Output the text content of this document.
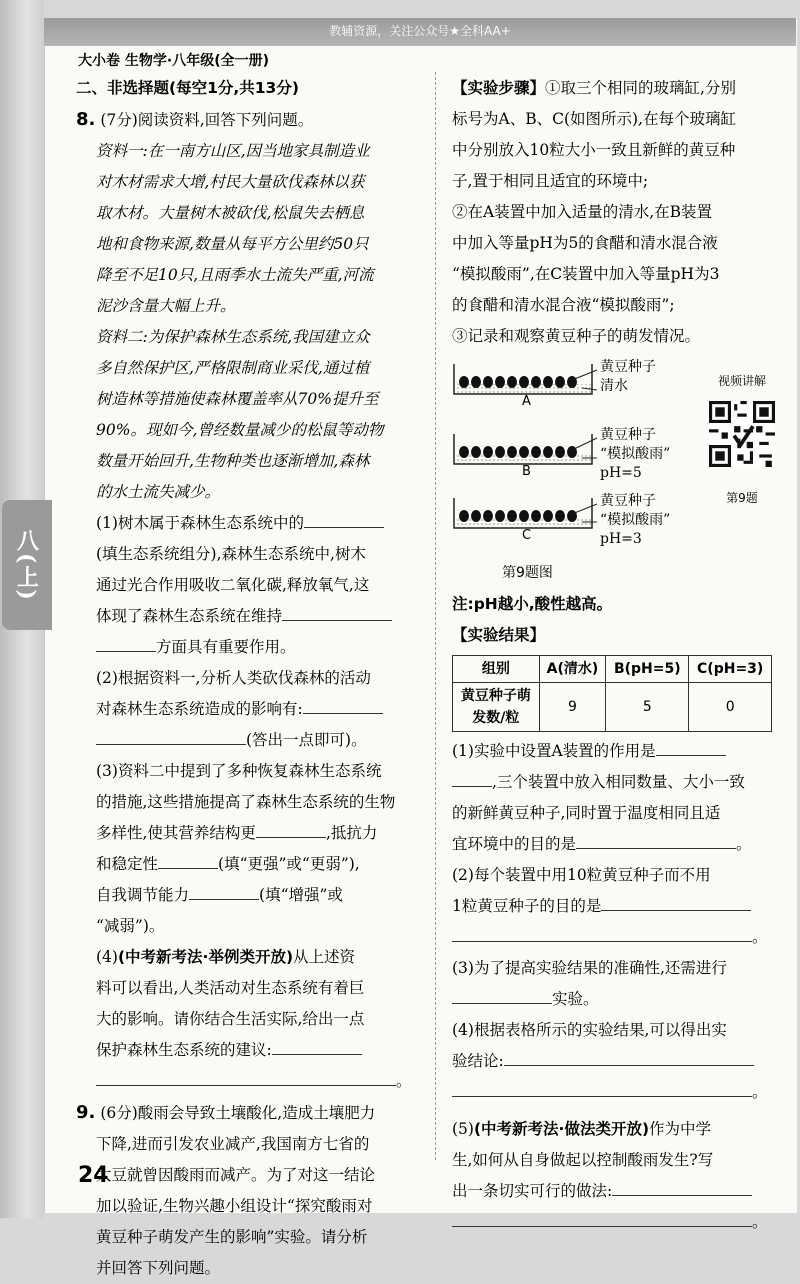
教辅资源，关注公众号★全科AA+
八(上)
大小卷 生物学·八年级(全一册)
二、非选择题(每空1分,共13分)
8. (7分)阅读资料,回答下列问题。
资料一:在一南方山区,因当地家具制造业
对木材需求大增,村民大量砍伐森林以获
取木材。大量树木被砍伐,松鼠失去栖息
地和食物来源,数量从每平方公里约50只
降至不足10只,且雨季水土流失严重,河流
泥沙含量大幅上升。
资料二:为保护森林生态系统,我国建立众
多自然保护区,严格限制商业采伐,通过植
树造林等措施使森林覆盖率从70%提升至
90%。现如今,曾经数量减少的松鼠等动物
数量开始回升,生物种类也逐渐增加,森林
的水土流失减少。
(1)树木属于森林生态系统中的
(填生态系统组分),森林生态系统中,树木
通过光合作用吸收二氧化碳,释放氧气,这
体现了森林生态系统在维持
方面具有重要作用。
(2)根据资料一,分析人类砍伐森林的活动
对森林生态系统造成的影响有:
(答出一点即可)。
(3)资料二中提到了多种恢复森林生态系统
的措施,这些措施提高了森林生态系统的生物
多样性,使其营养结构更	,抵抗力
和稳定性	(填“更强”或“更弱”),
自我调节能力	(填“增强”或
“减弱”)。
(4)(中考新考法·举例类开放)从上述资
料可以看出,人类活动对生态系统有着巨
大的影响。请你结合生活实际,给出一点
保护森林生态系统的建议:
。
9. (6分)酸雨会导致土壤酸化,造成土壤肥力
下降,进而引发农业减产,我国南方七省的
大豆就曾因酸雨而减产。为了对这一结论
加以验证,生物兴趣小组设计“探究酸雨对
黄豆种子萌发产生的影响”实验。请分析
并回答下列问题。
24
【实验步骤】①取三个相同的玻璃缸,分别
标号为A、B、C(如图所示),在每个玻璃缸
中分别放入10粒大小一致且新鲜的黄豆种
子,置于相同且适宜的环境中;
②在A装置中加入适量的清水,在B装置
中加入等量pH为5的食醋和清水混合液
“模拟酸雨”,在C装置中加入等量pH为3
的食醋和清水混合液“模拟酸雨”;
③记录和观察黄豆种子的萌发情况。
A
黄豆种子
清水
B
黄豆种子
“模拟酸雨”
pH=5
C
黄豆种子
“模拟酸雨”
pH=3
视频讲解
第9题
第9题图
注:pH越小,酸性越高。
【实验结果】
组别	A(清水)	B(pH=5)	C(pH=3)

黄豆种子萌
发数/粒	9	5	0
(1)实验中设置A装置的作用是
,三个装置中放入相同数量、大小一致
的新鲜黄豆种子,同时置于温度相同且适
宜环境中的目的是	。
(2)每个装置中用10粒黄豆种子而不用
1粒黄豆种子的目的是
。
(3)为了提高实验结果的准确性,还需进行
实验。
(4)根据表格所示的实验结果,可以得出实
验结论:
。
(5)(中考新考法·做法类开放)作为中学
生,如何从自身做起以控制酸雨发生?写
出一条切实可行的做法:
。
